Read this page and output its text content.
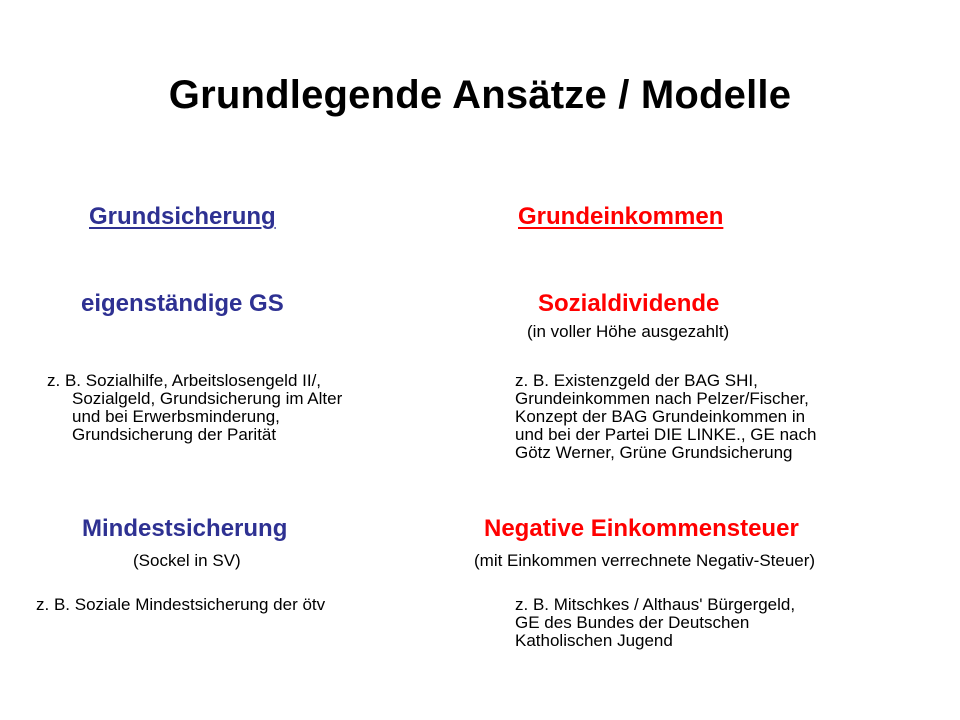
Grundlegende Ansätze / Modelle
Grundsicherung	Grundeinkommen
eigenständige GS	Sozialdividende
(in voller Höhe ausgezahlt)
z. B. Sozialhilfe, Arbeitslosengeld II/,
Sozialgeld, Grundsicherung im Alter
und bei Erwerbsminderung,
Grundsicherung der Parität
z. B. Existenzgeld der BAG SHI,
Grundeinkommen nach Pelzer/Fischer,
Konzept der BAG Grundeinkommen in
und bei der Partei DIE LINKE., GE nach
Götz Werner, Grüne Grundsicherung
Mindestsicherung	Negative Einkommensteuer
(Sockel in SV)	(mit Einkommen verrechnete Negativ-Steuer)
z. B. Soziale Mindestsicherung der ötv	z. B. Mitschkes / Althaus' Bürgergeld,
GE des Bundes der Deutschen
Katholischen Jugend
